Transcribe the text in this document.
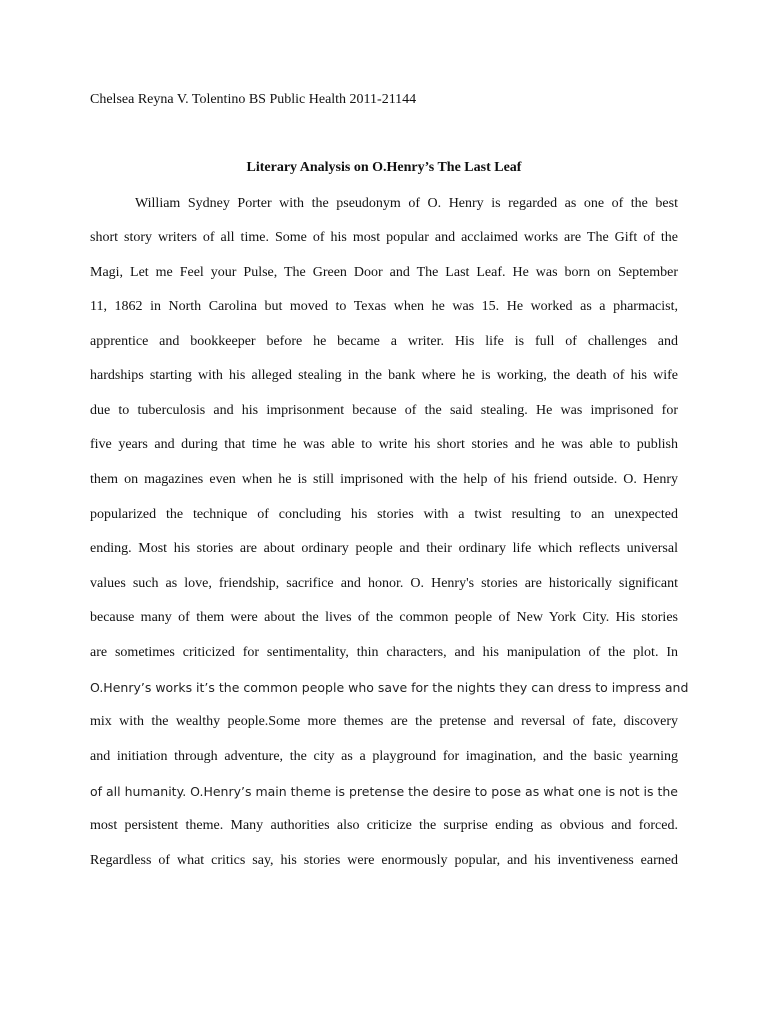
Chelsea Reyna V. Tolentino BS Public Health 2011-21144
Literary Analysis on O.Henry’s The Last Leaf
William Sydney Porter with the pseudonym of O. Henry is regarded as one of the best
short story writers of all time. Some of his most popular and acclaimed works are The Gift of the
Magi, Let me Feel your Pulse, The Green Door and The Last Leaf. He was born on September
11, 1862 in North Carolina but moved to Texas when he was 15. He worked as a pharmacist,
apprentice and bookkeeper before he became a writer. His life is full of challenges and
hardships starting with his alleged stealing in the bank where he is working, the death of his wife
due to tuberculosis and his imprisonment because of the said stealing. He was imprisoned for
five years and during that time he was able to write his short stories and he was able to publish
them on magazines even when he is still imprisoned with the help of his friend outside. O. Henry
popularized the technique of concluding his stories with a twist resulting to an unexpected
ending. Most his stories are about ordinary people and their ordinary life which reflects universal
values such as love, friendship, sacrifice and honor. O. Henry's stories are historically significant
because many of them were about the lives of the common people of New York City. His stories
are sometimes criticized for sentimentality, thin characters, and his manipulation of the plot. In
O.Henry’s works it’s the common people who save for the nights they can dress to impress and
mix with the wealthy people.Some more themes are the pretense and reversal of fate, discovery
and initiation through adventure, the city as a playground for imagination, and the basic yearning
of all humanity. O.Henry’s main theme is pretense the desire to pose as what one is not is the
most persistent theme. Many authorities also criticize the surprise ending as obvious and forced.
Regardless of what critics say, his stories were enormously popular, and his inventiveness earned
